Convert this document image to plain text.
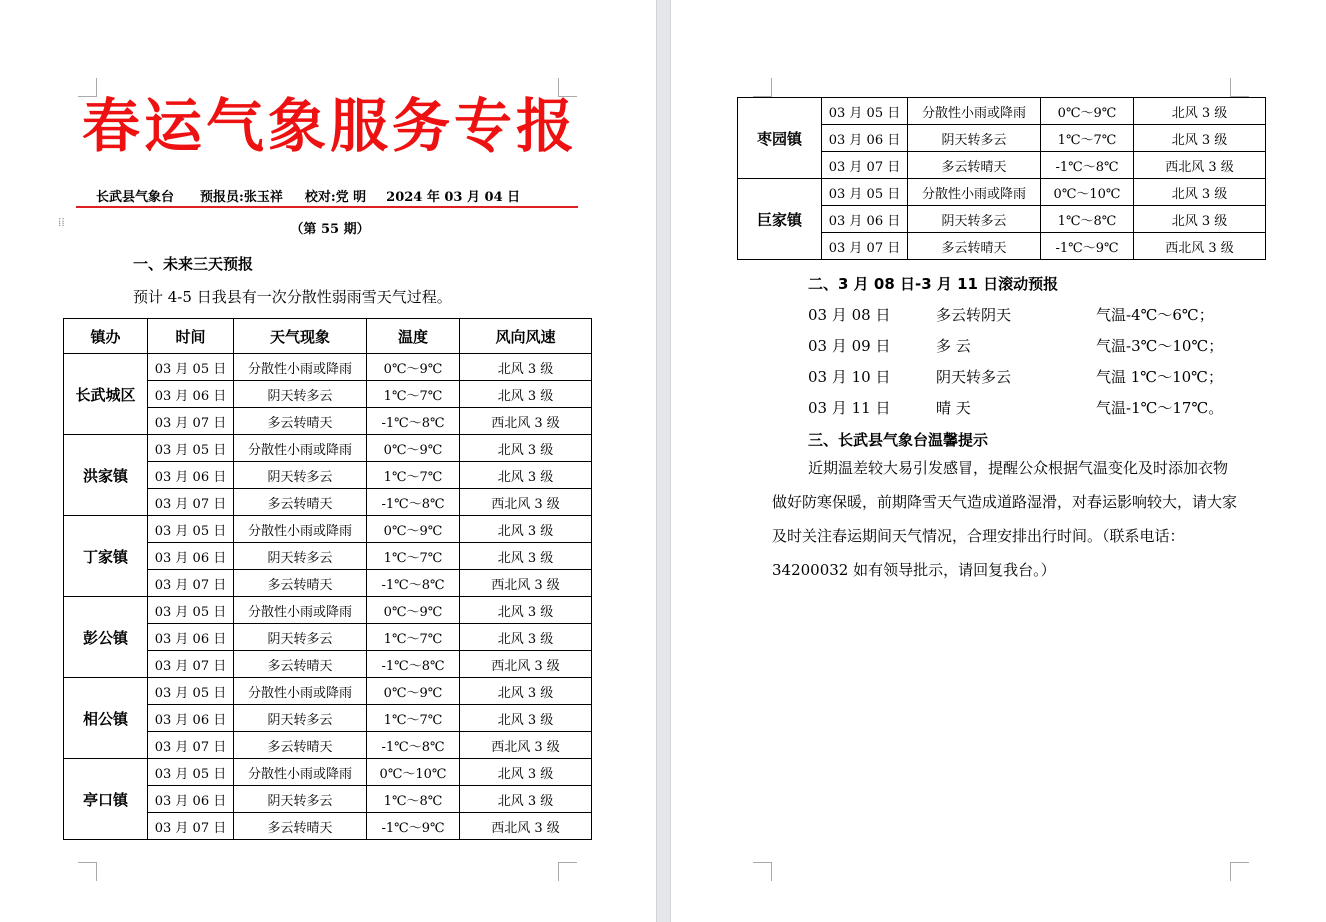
春运气象服务专报
长武县气象台 预报员:张玉祥 校对:党 明 2024 年 03 月 04 日
⁞⁞	（第 55 期）
一、未来三天预报
预计 4-5 日我县有一次分散性弱雨雪天气过程。
镇办	时间	天气现象	温度	风向风速
长武城区	03 月 05 日	分散性小雨或降雨	0℃～9℃	北风 3 级
	03 月 06 日	阴天转多云	1℃～7℃	北风 3 级
	03 月 07 日	多云转晴天	-1℃～8℃	西北风 3 级
洪家镇	03 月 05 日	分散性小雨或降雨	0℃～9℃	北风 3 级
	03 月 06 日	阴天转多云	1℃～7℃	北风 3 级
	03 月 07 日	多云转晴天	-1℃～8℃	西北风 3 级
丁家镇	03 月 05 日	分散性小雨或降雨	0℃～9℃	北风 3 级
	03 月 06 日	阴天转多云	1℃～7℃	北风 3 级
	03 月 07 日	多云转晴天	-1℃～8℃	西北风 3 级
彭公镇	03 月 05 日	分散性小雨或降雨	0℃～9℃	北风 3 级
	03 月 06 日	阴天转多云	1℃～7℃	北风 3 级
	03 月 07 日	多云转晴天	-1℃～8℃	西北风 3 级
相公镇	03 月 05 日	分散性小雨或降雨	0℃～9℃	北风 3 级
	03 月 06 日	阴天转多云	1℃～7℃	北风 3 级
	03 月 07 日	多云转晴天	-1℃～8℃	西北风 3 级
亭口镇	03 月 05 日	分散性小雨或降雨	0℃～10℃	北风 3 级
	03 月 06 日	阴天转多云	1℃～8℃	北风 3 级
	03 月 07 日	多云转晴天	-1℃～9℃	西北风 3 级
枣园镇	03 月 05 日	分散性小雨或降雨	0℃～9℃	北风 3 级
	03 月 06 日	阴天转多云	1℃～7℃	北风 3 级
	03 月 07 日	多云转晴天	-1℃～8℃	西北风 3 级
巨家镇	03 月 05 日	分散性小雨或降雨	0℃～10℃	北风 3 级
	03 月 06 日	阴天转多云	1℃～8℃	北风 3 级
	03 月 07 日	多云转晴天	-1℃～9℃	西北风 3 级
二、3 月 08 日-3 月 11 日滚动预报
03 月 08 日	多云转阴天	气温-4℃～6℃；
03 月 09 日	多 云	气温-3℃～10℃；
03 月 10 日	阴天转多云	气温 1℃～10℃；
03 月 11 日	晴 天	气温-1℃～17℃。
三、长武县气象台温馨提示
近期温差较大易引发感冒，提醒公众根据气温变化及时添加衣物做好防寒保暖，前期降雪天气造成道路湿滑，对春运影响较大，请大家及时关注春运期间天气情况，合理安排出行时间。（联系电话：34200032 如有领导批示，请回复我台。）
